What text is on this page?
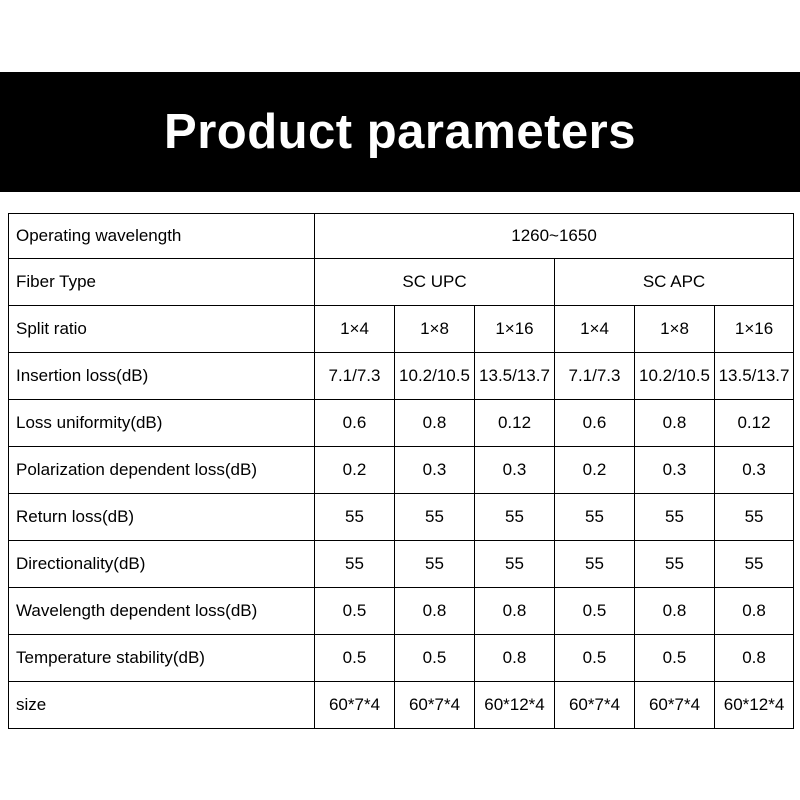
Product parameters
Operating wavelength	1260~1650					
Fiber Type	SC UPC			SC APC		
Split ratio	1×4	1×8	1×16	1×4	1×8	1×16
Insertion loss(dB)	7.1/7.3	10.2/10.5	13.5/13.7	7.1/7.3	10.2/10.5	13.5/13.7
Loss uniformity(dB)	0.6	0.8	0.12	0.6	0.8	0.12
Polarization dependent loss(dB)	0.2	0.3	0.3	0.2	0.3	0.3
Return loss(dB)	55	55	55	55	55	55
Directionality(dB)	55	55	55	55	55	55
Wavelength dependent loss(dB)	0.5	0.8	0.8	0.5	0.8	0.8
Temperature stability(dB)	0.5	0.5	0.8	0.5	0.5	0.8
size	60*7*4	60*7*4	60*12*4	60*7*4	60*7*4	60*12*4
